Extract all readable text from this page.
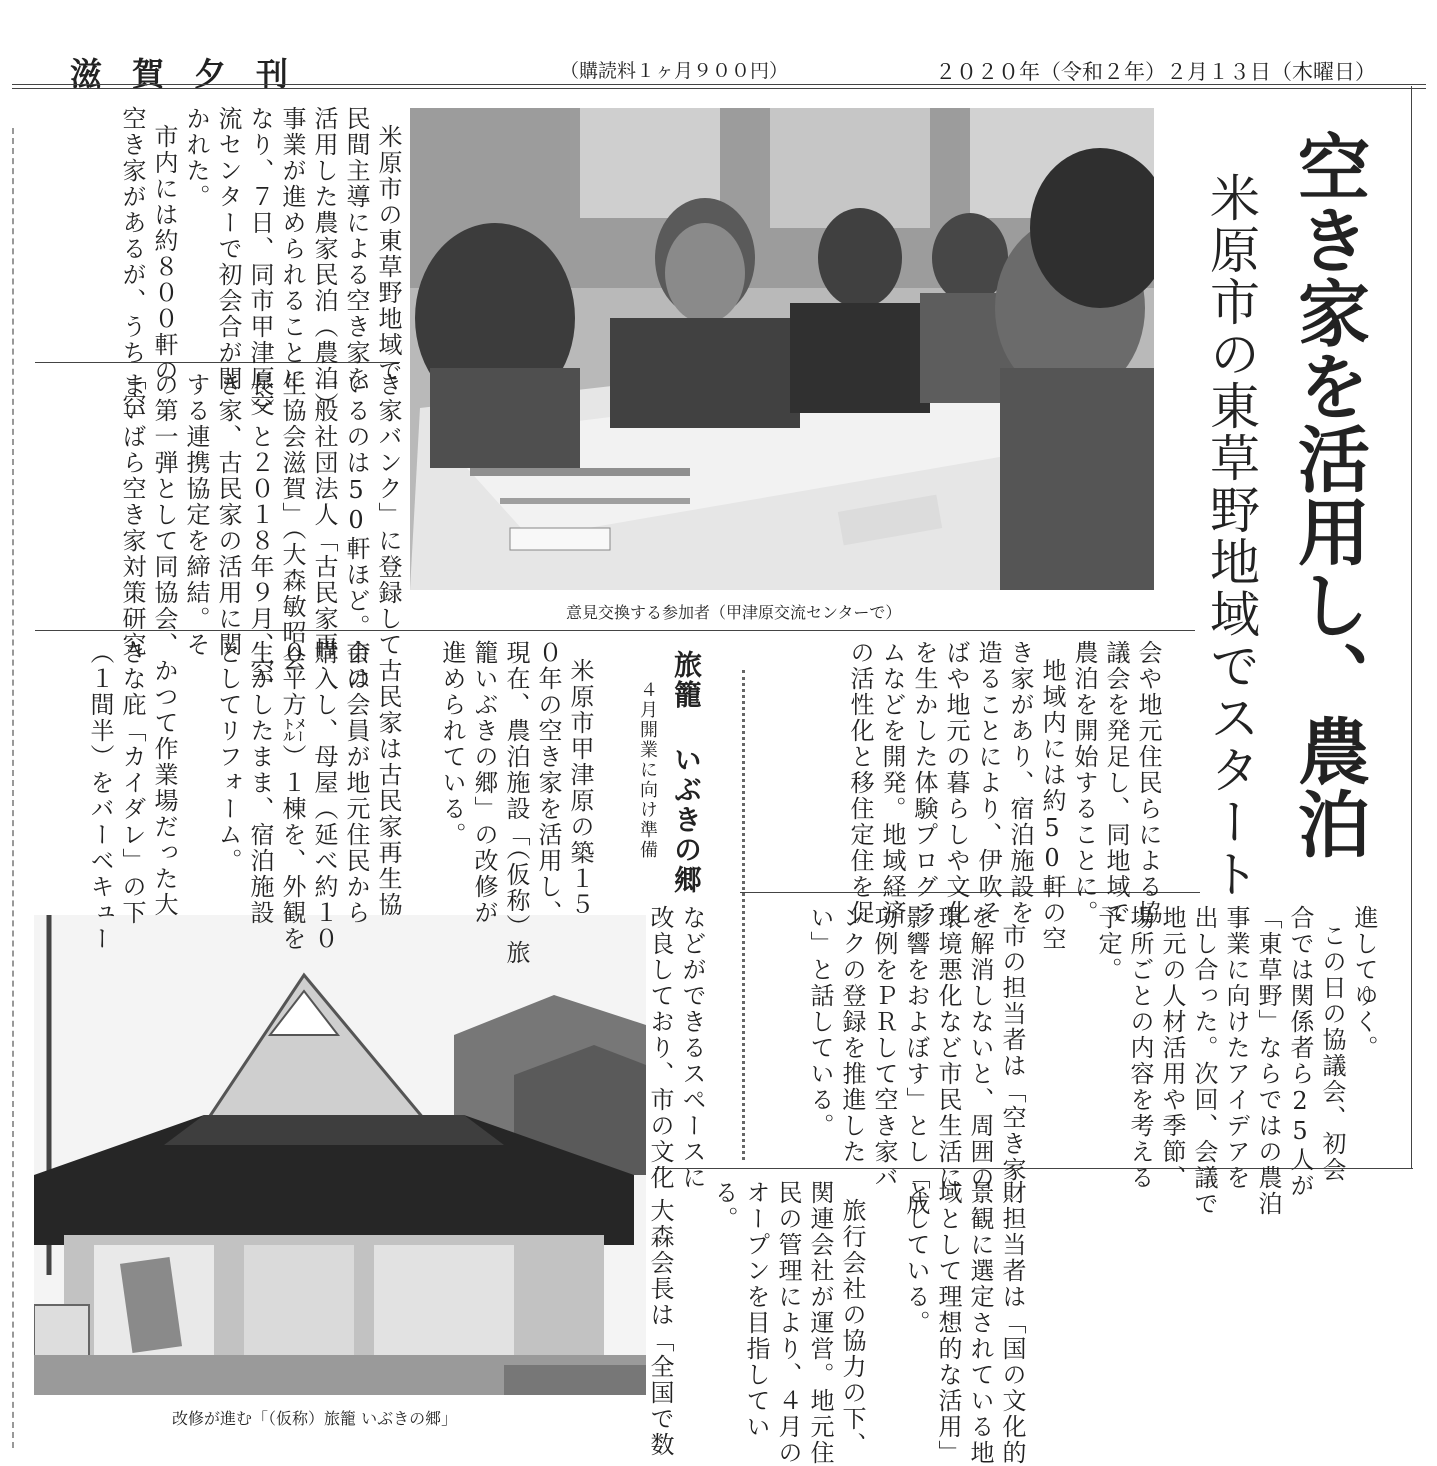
滋賀夕刊	（購読料１ヶ月９００円）	２０２０年（令和２年）２月１３日（木曜日）
空き家を活用し、農泊
米原市の東草野地域でスタート
意見交換する参加者（甲津原交流センターで）
改修が進む「（仮称）旅籠 いぶきの郷」
米原市の東草野地域で
民間主導による空き家を
活用した農家民泊（農泊）
事業が進められることに
なり、７日、同市甲津原交
流センターで初会合が開
かれた。
市内には約８００軒の
空き家があるが、うち「空
き家バンク」に登録して
いるのは50軒ほど。市は
一般社団法人「古民家再
生協会滋賀」（大森敏昭会
長）と２０１８年９月、空
き家、古民家の活用に関
する連携協定を締結。そ
の第一弾として同協会、
まいばら空き家対策研究
会や地元住民らによる協
議会を発足し、同地域で
農泊を開始することに。
地域内には約50軒の空
き家があり、宿泊施設を
造ることにより、伊吹そ
ばや地元の暮らしや文化
を生かした体験プログラ
ムなどを開発。地域経済
の活性化と移住定住を促
進してゆく。
この日の協議会、初会
合では関係者ら25人が
「東草野」ならではの農泊
事業に向けたアイデアを
出し合った。次回、会議で
地元の人材活用や季節、
場所ごとの内容を考える
予定。
市の担当者は「空き家
を解消しないと、周囲の
環境悪化など市民生活に
影響をおよぼす」とし「成
功例をＰＲして空き家バ
ンクの登録を推進した
い」と話している。
旅籠 いぶきの郷
４月開業に向け準備
米原市甲津原の築１５
０年の空き家を活用し、
現在、農泊施設「（仮称）旅
籠いぶきの郷」の改修が
進められている。
古民家は古民家再生協
会の会員が地元住民から
購入し、母屋（延べ約１０
０平方㍍）１棟を、外観を
生かしたまま、宿泊施設
としてリフォーム。
かつて作業場だった大
きな庇「カイダレ」の下
（１間半）をバーベキュー
などができるスペースに
改良しており、市の文化
財担当者は「国の文化的
景観に選定されている地
域として理想的な活用」
としている。
旅行会社の協力の下、
関連会社が運営。地元住
民の管理により、４月の
オープンを目指してい
る。
大森会長は「全国で数
